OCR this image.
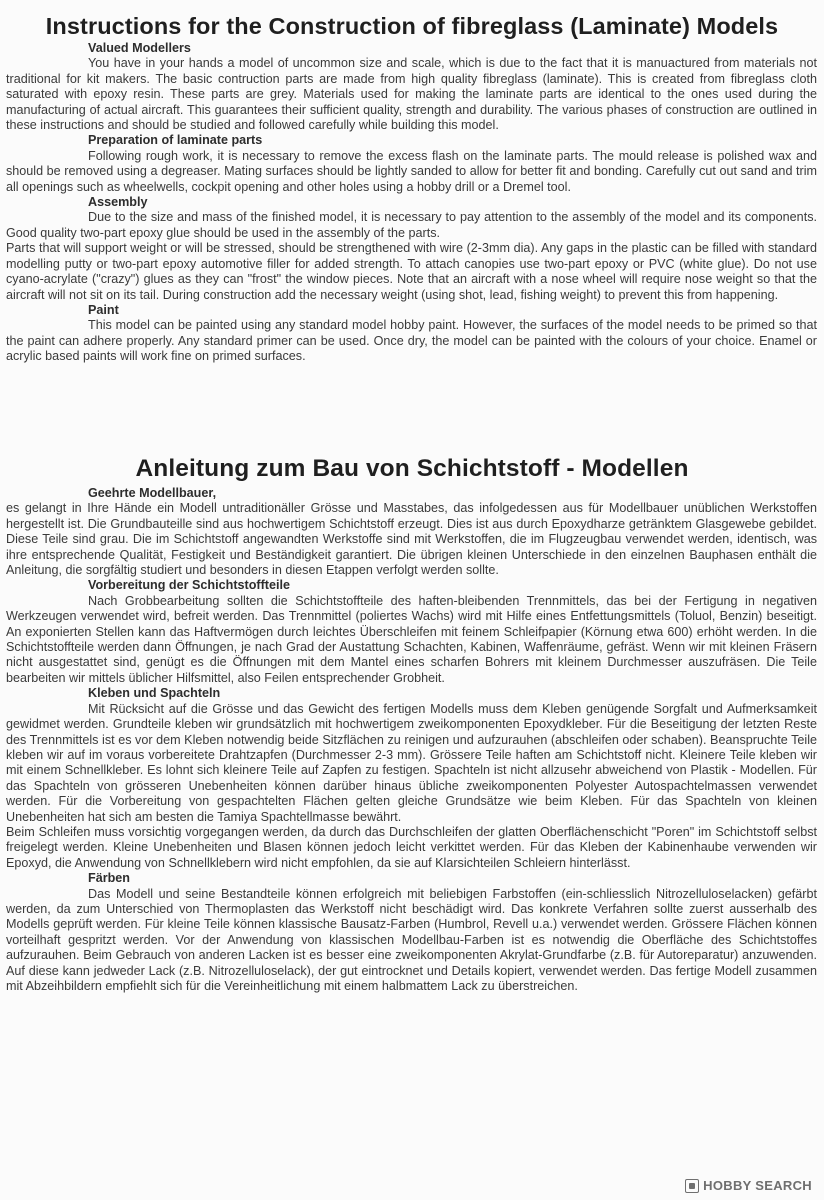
Instructions for the Construction of fibreglass (Laminate) Models
Valued Modellers
You have in your hands a model of uncommon size and scale, which is due to the fact that it is manuactured from materials not traditional for kit makers. The basic contruction parts are made from high quality fibreglass (laminate). This is created from fibreglass cloth saturated with epoxy resin. These parts are grey. Materials used for making the laminate parts are identical to the ones used during the manufacturing of actual aircraft. This guarantees their sufficient quality, strength and durability. The various phases of construction are outlined in these instructions and should be studied and followed carefully while building this model.
Preparation of laminate parts
Following rough work, it is necessary to remove the excess flash on the laminate parts. The mould release is polished wax and should be removed using a degreaser. Mating surfaces should be lightly sanded to allow for better fit and bonding. Carefully cut out sand and trim all openings such as wheelwells, cockpit opening and other holes using a hobby drill or a Dremel tool.
Assembly
Due to the size and mass of the finished model, it is necessary to pay attention to the assembly of the model and its components. Good quality two-part epoxy glue should be used in the assembly of the parts.
Parts that will support weight or will be stressed, should be strengthened with wire (2-3mm dia). Any gaps in the plastic can be filled with standard modelling putty or two-part epoxy automotive filler for added strength. To attach canopies use two-part epoxy or PVC (white glue). Do not use cyano-acrylate ("crazy") glues as they can "frost" the window pieces. Note that an aircraft with a nose wheel will require nose weight so that the aircraft will not sit on its tail. During construction add the necessary weight (using shot, lead, fishing weight) to prevent this from happening.
Paint
This model can be painted using any standard model hobby paint. However, the surfaces of the model needs to be primed so that the paint can adhere properly. Any standard primer can be used. Once dry, the model can be painted with the colours of your choice. Enamel or acrylic based paints will work fine on primed surfaces.
Anleitung zum Bau von Schichtstoff - Modellen
Geehrte Modellbauer,
es gelangt in Ihre Hände ein Modell untraditionäller Grösse und Masstabes, das infolgedessen aus für Modellbauer unüblichen Werkstoffen hergestellt ist. Die Grundbauteille sind aus hochwertigem Schichtstoff erzeugt. Dies ist aus durch Epoxydharze getränktem Glasgewebe gebildet. Diese Teile sind grau. Die im Schichtstoff angewandten Werkstoffe sind mit Werkstoffen, die im Flugzeugbau verwendet werden, identisch, was ihre entsprechende Qualität, Festigkeit und Beständigkeit garantiert. Die übrigen kleinen Unterschiede in den einzelnen Bauphasen enthält die Anleitung, die sorgfältig studiert und besonders in diesen Etappen verfolgt werden sollte.
Vorbereitung der Schichtstoffteile
Nach Grobbearbeitung sollten die Schichtstoffteile des haften-bleibenden Trennmittels, das bei der Fertigung in negativen Werkzeugen verwendet wird, befreit werden. Das Trennmittel (poliertes Wachs) wird mit Hilfe eines Entfettungsmittels (Toluol, Benzin) beseitigt. An exponierten Stellen kann das Haftvermögen durch leichtes Überschleifen mit feinem Schleifpapier (Körnung etwa 600) erhöht werden. In die Schichtstoffteile werden dann Öffnungen, je nach Grad der Austattung Schachten, Kabinen, Waffenräume, gefräst. Wenn wir mit kleinen Fräsern nicht ausgestattet sind, genügt es die Öffnungen mit dem Mantel eines scharfen Bohrers mit kleinem Durchmesser auszufräsen. Die Teile bearbeiten wir mittels üblicher Hilfsmittel, also Feilen entsprechender Grobheit.
Kleben und Spachteln
Mit Rücksicht auf die Grösse und das Gewicht des fertigen Modells muss dem Kleben genügende Sorgfalt und Aufmerksamkeit gewidmet werden. Grundteile kleben wir grundsätzlich mit hochwertigem zweikomponenten Epoxydkleber. Für die Beseitigung der letzten Reste des Trennmittels ist es vor dem Kleben notwendig beide Sitzflächen zu reinigen und aufzurauhen (abschleifen oder schaben). Beanspruchte Teile kleben wir auf im voraus vorbereitete Drahtzapfen (Durchmesser 2-3 mm). Grössere Teile haften am Schichtstoff nicht. Kleinere Teile kleben wir mit einem Schnellkleber. Es lohnt sich kleinere Teile auf Zapfen zu festigen. Spachteln ist nicht allzusehr abweichend von Plastik - Modellen. Für das Spachteln von grösseren Unebenheiten können darüber hinaus übliche zweikomponenten Polyester Autospachtelmassen verwendet werden. Für die Vorbereitung von gespachtelten Flächen gelten gleiche Grundsätze wie beim Kleben. Für das Spachteln von kleinen Unebenheiten hat sich am besten die Tamiya Spachtellmasse bewährt.
Beim Schleifen muss vorsichtig vorgegangen werden, da durch das Durchschleifen der glatten Oberflächenschicht "Poren" im Schichtstoff selbst freigelegt werden. Kleine Unebenheiten und Blasen können jedoch leicht verkittet werden. Für das Kleben der Kabinenhaube verwenden wir Epoxyd, die Anwendung von Schnellklebern wird nicht empfohlen, da sie auf Klarsichteilen Schleiern hinterlässt.
Färben
Das Modell und seine Bestandteile können erfolgreich mit beliebigen Farbstoffen (ein-schliesslich Nitrozelluloselacken) gefärbt werden, da zum Unterschied von Thermoplasten das Werkstoff nicht beschädigt wird. Das konkrete Verfahren sollte zuerst ausserhalb des Modells geprüft werden. Für kleine Teile können klassische Bausatz-Farben (Humbrol, Revell u.a.) verwendet werden. Grössere Flächen können vorteilhaft gespritzt werden. Vor der Anwendung von klassischen Modellbau-Farben ist es notwendig die Oberfläche des Schichtstoffes aufzurauhen. Beim Gebrauch von anderen Lacken ist es besser eine zweikomponenten Akrylat-Grundfarbe (z.B. für Autoreparatur) anzuwenden. Auf diese kann jedweder Lack (z.B. Nitrozelluloselack), der gut eintrocknet und Details kopiert, verwendet werden. Das fertige Modell zusammen mit Abzeihbildern empfiehlt sich für die Vereinheitlichung mit einem halbmattem Lack zu überstreichen.
HOBBY SEARCH
